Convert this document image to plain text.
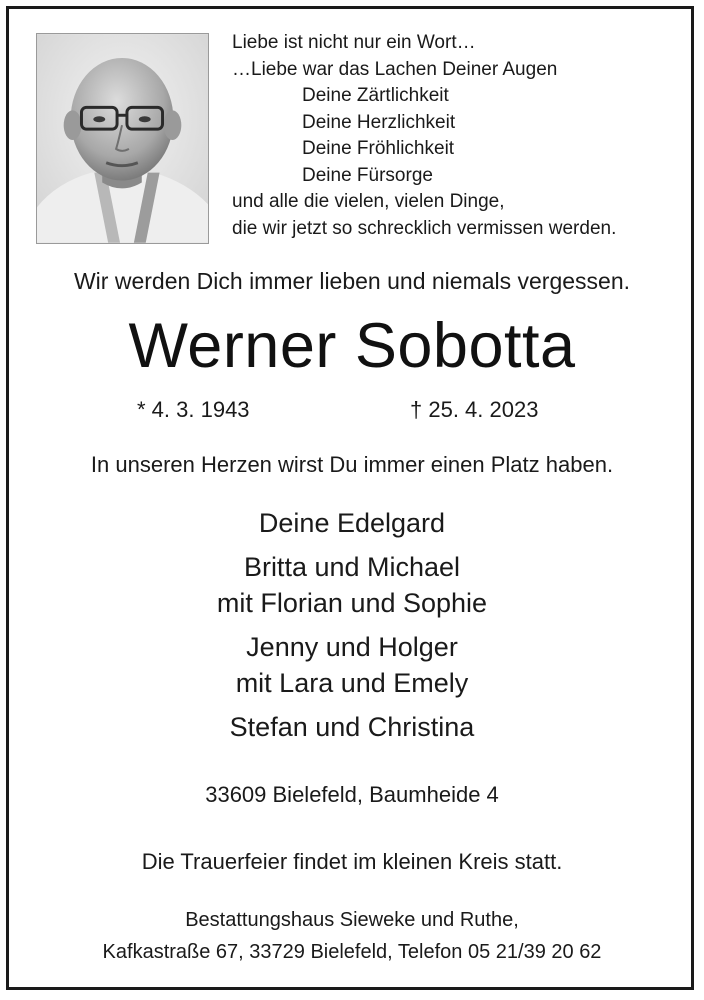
Liebe ist nicht nur ein Wort…
…Liebe war das Lachen Deiner Augen
Deine Zärtlichkeit
Deine Herzlichkeit
Deine Fröhlichkeit
Deine Fürsorge
und alle die vielen, vielen Dinge,
die wir jetzt so schrecklich vermissen werden.
Wir werden Dich immer lieben und niemals vergessen.
Werner Sobotta
* 4. 3. 1943	† 25. 4. 2023
In unseren Herzen wirst Du immer einen Platz haben.
Deine Edelgard
Britta und Michael
mit Florian und Sophie
Jenny und Holger
mit Lara und Emely
Stefan und Christina
33609 Bielefeld, Baumheide 4
Die Trauerfeier findet im kleinen Kreis statt.
Bestattungshaus Sieweke und Ruthe,
Kafkastraße 67, 33729 Bielefeld, Telefon 05 21/39 20 62
